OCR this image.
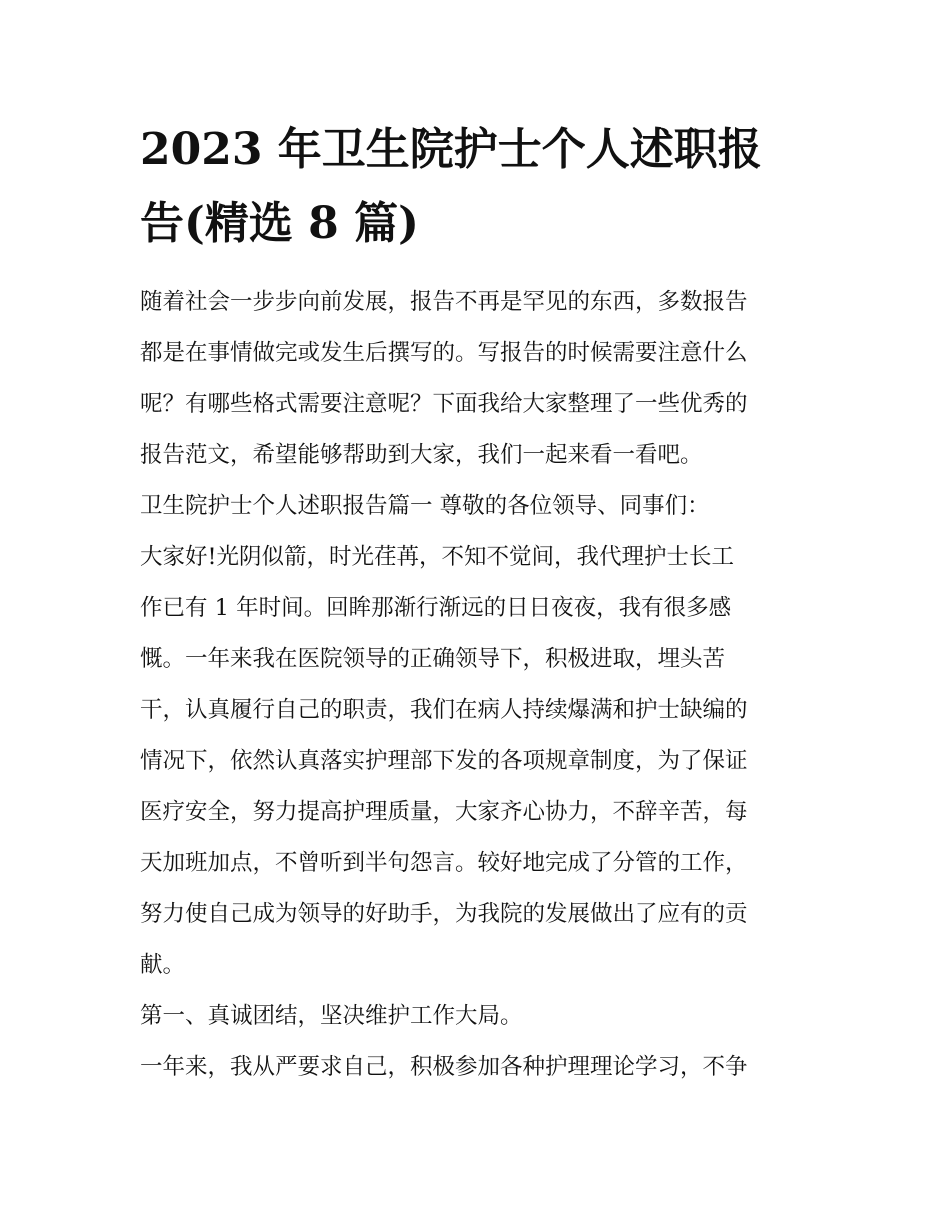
2023 年卫生院护士个人述职报
告(精选 8 篇)
随着社会一步步向前发展，报告不再是罕见的东西，多数报告
都是在事情做完或发生后撰写的。写报告的时候需要注意什么
呢？有哪些格式需要注意呢？下面我给大家整理了一些优秀的
报告范文，希望能够帮助到大家，我们一起来看一看吧。
卫生院护士个人述职报告篇一 尊敬的各位领导、同事们：
大家好!光阴似箭，时光荏苒，不知不觉间，我代理护士长工
作已有 1 年时间。回眸那渐行渐远的日日夜夜，我有很多感
慨。一年来我在医院领导的正确领导下，积极进取，埋头苦
干，认真履行自己的职责，我们在病人持续爆满和护士缺编的
情况下，依然认真落实护理部下发的各项规章制度，为了保证
医疗安全，努力提高护理质量，大家齐心协力，不辞辛苦，每
天加班加点，不曾听到半句怨言。较好地完成了分管的工作，
努力使自己成为领导的好助手，为我院的发展做出了应有的贡
献。
第一、真诚团结，坚决维护工作大局。
一年来，我从严要求自己，积极参加各种护理理论学习，不争
